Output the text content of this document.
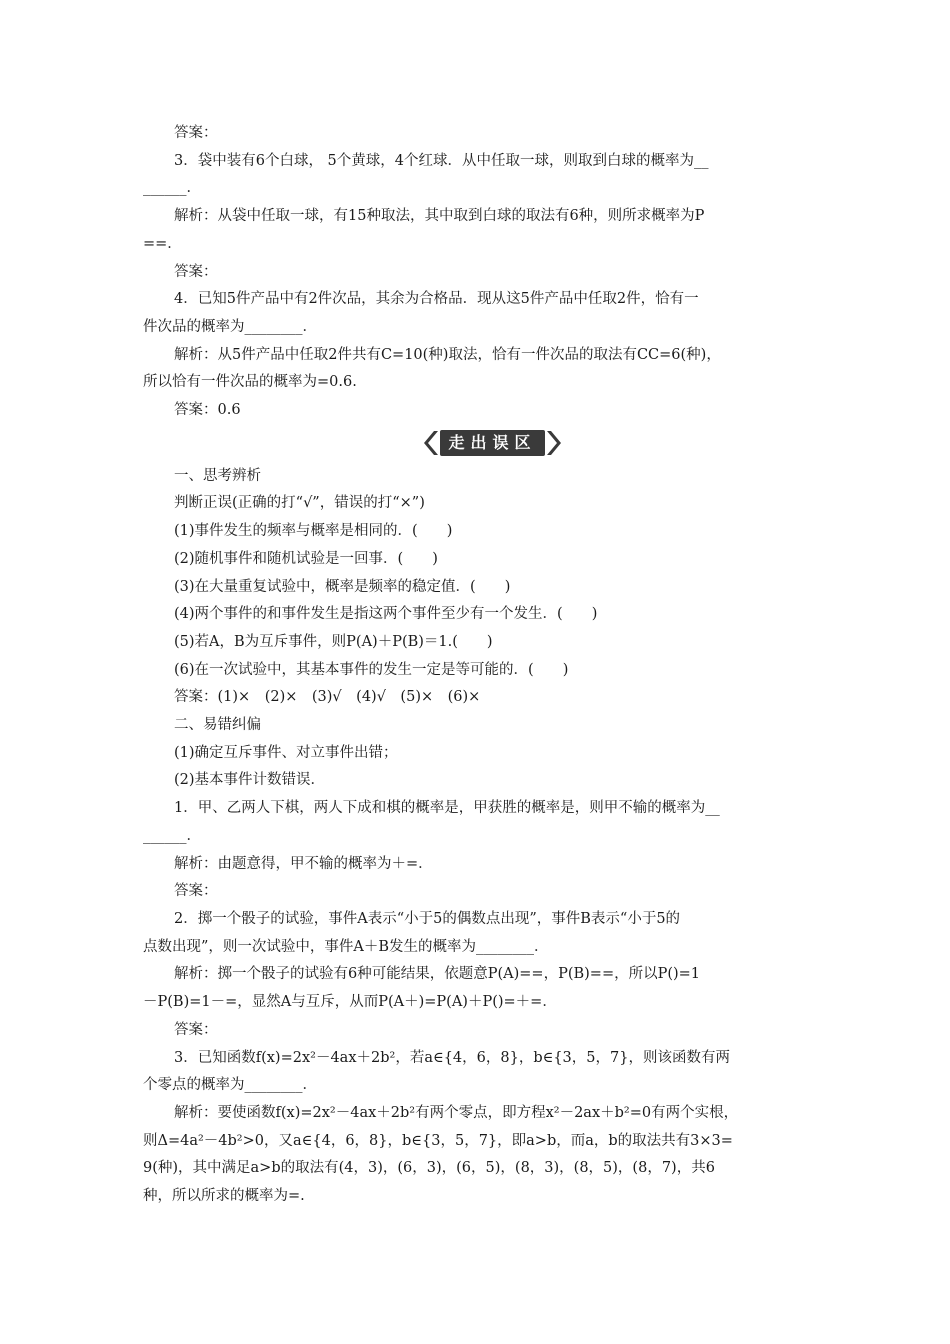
答案：

3．袋中装有6个白球， 5个黄球，4个红球．从中任取一球，则取到白球的概率为__

______．

解析：从袋中任取一球，有15种取法，其中取到白球的取法有6种，则所求概率为P

==．

答案：

4．已知5件产品中有2件次品，其余为合格品．现从这5件产品中任取2件，恰有一

件次品的概率为________．

解析：从5件产品中任取2件共有C=10(种)取法，恰有一件次品的取法有CC=6(种)，

所以恰有一件次品的概率为=0.6.

答案：0.6

走出误区

一、思考辨析

判断正误(正确的打“√”，错误的打“×”)

(1)事件发生的频率与概率是相同的．(　　)

(2)随机事件和随机试验是一回事．(　　)

(3)在大量重复试验中，概率是频率的稳定值．(　　)

(4)两个事件的和事件发生是指这两个事件至少有一个发生．(　　)

(5)若A，B为互斥事件，则P(A)＋P(B)＝1.(　　)

(6)在一次试验中，其基本事件的发生一定是等可能的．(　　)

答案：(1)×　(2)×　(3)√　(4)√　(5)×　(6)×

二、易错纠偏

(1)确定互斥事件、对立事件出错；

(2)基本事件计数错误．

1．甲、乙两人下棋，两人下成和棋的概率是，甲获胜的概率是，则甲不输的概率为__

______．

解析：由题意得，甲不输的概率为＋=．

答案：

2．掷一个骰子的试验，事件A表示“小于5的偶数点出现”，事件B表示“小于5的

点数出现”，则一次试验中，事件A＋B发生的概率为________．

解析：掷一个骰子的试验有6种可能结果，依题意P(A)==，P(B)==，所以P()=1

－P(B)=1－=，显然A与互斥，从而P(A＋)=P(A)＋P()=＋=．

答案：

3．已知函数f(x)=2x²－4ax＋2b²，若a∈{4，6，8}，b∈{3，5，7}，则该函数有两

个零点的概率为________．

解析：要使函数f(x)=2x²－4ax＋2b²有两个零点，即方程x²－2ax＋b²=0有两个实根，

则Δ=4a²－4b²>0，又a∈{4，6，8}，b∈{3，5，7}，即a>b，而a，b的取法共有3×3=

9(种)，其中满足a>b的取法有(4，3)，(6，3)，(6，5)，(8，3)，(8，5)，(8，7)，共6

种，所以所求的概率为=.
